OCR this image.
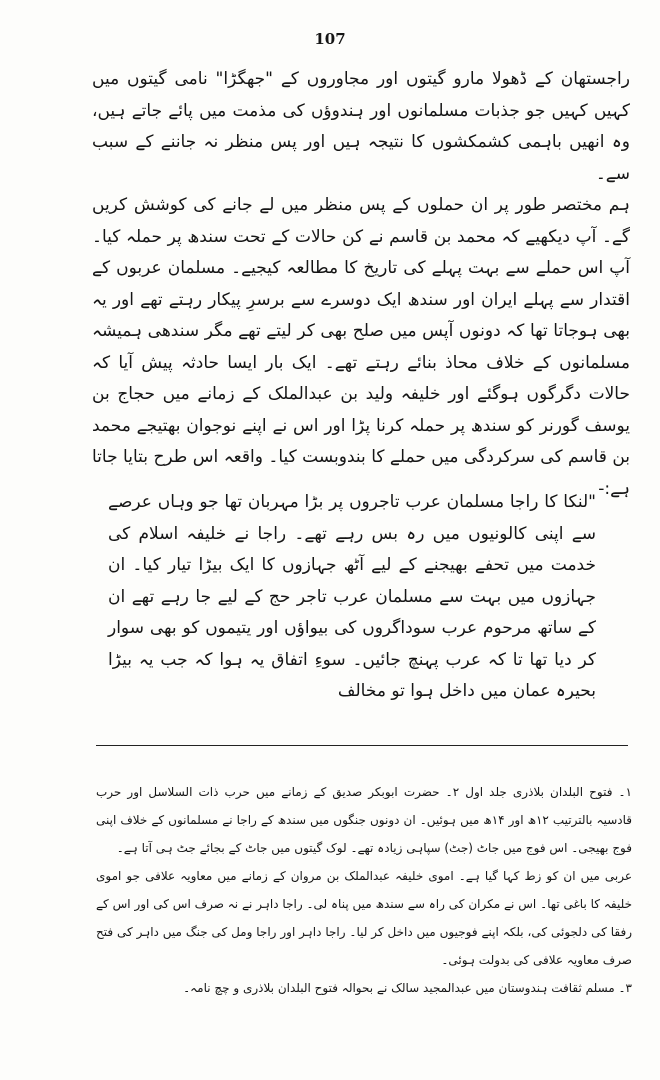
107

راجستھان کے ڈھولا مارو گیتوں اور مجاوروں کے "جھگڑا" نامی گیتوں میں کہیں کہیں جو جذبات مسلمانوں اور ہندوؤں کی مذمت میں پائے جاتے ہیں، وہ انھیں باہمی کشمکشوں کا نتیجہ ہیں اور پس منظر نہ جاننے کے سبب سے۔

ہم مختصر طور پر ان حملوں کے پس منظر میں لے جانے کی کوشش کریں گے۔ آپ دیکھیے کہ محمد بن قاسم نے کن حالات کے تحت سندھ پر حملہ کیا۔ آپ اس حملے سے بہت پہلے کی تاریخ کا مطالعہ کیجیے۔ مسلمان عربوں کے اقتدار سے پہلے ایران اور سندھ ایک دوسرے سے برسرِ پیکار رہتے تھے اور یہ بھی ہوجاتا تھا کہ دونوں آپس میں صلح بھی کر لیتے تھے مگر سندھی ہمیشہ مسلمانوں کے خلاف محاذ بنائے رہتے تھے۔ ایک بار ایسا حادثہ پیش آیا کہ حالات دگرگوں ہوگئے اور خلیفہ ولید بن عبدالملک کے زمانے میں حجاج بن یوسف گورنر کو سندھ پر حملہ کرنا پڑا اور اس نے اپنے نوجوان بھتیجے محمد بن قاسم کی سرکردگی میں حملے کا بندوبست کیا۔ واقعہ اس طرح بتایا جاتا ہے:-

"لنکا کا راجا مسلمان عرب تاجروں پر بڑا مہربان تھا جو وہاں عرصے سے اپنی کالونیوں میں رہ بس رہے تھے۔ راجا نے خلیفہ اسلام کی خدمت میں تحفے بھیجنے کے لیے آٹھ جہازوں کا ایک بیڑا تیار کیا۔ ان جہازوں میں بہت سے مسلمان عرب تاجر حج کے لیے جا رہے تھے ان کے ساتھ مرحوم عرب سوداگروں کی بیواؤں اور یتیموں کو بھی سوار کر دیا تھا تا کہ عرب پہنچ جائیں۔ سوءِ اتفاق یہ ہوا کہ جب یہ بیڑا بحیرہ عمان میں داخل ہوا تو مخالف

۱۔ فتوح البلدان بلاذری جلد اول ۲۔ حضرت ابوبکر صدیق کے زمانے میں حرب ذات السلاسل اور حرب قادسیہ بالترتیب ۱۲ھ اور ۱۴ھ میں ہوئیں۔ ان دونوں جنگوں میں سندھ کے راجا نے مسلمانوں کے خلاف اپنی فوج بھیجی۔ اس فوج میں جاٹ (جٹ) سپاہی زیادہ تھے۔ لوک گیتوں میں جاٹ کے بجائے جٹ ہی آتا ہے۔

عربی میں ان کو زط کہا گیا ہے۔ اموی خلیفہ عبدالملک بن مروان کے زمانے میں معاویہ علافی جو اموی خلیفہ کا باغی تھا۔ اس نے مکران کی راہ سے سندھ میں پناہ لی۔ راجا داہر نے نہ صرف اس کی اور اس کے رفقا کی دلجوئی کی، بلکہ اپنے فوجیوں میں داخل کر لیا۔ راجا داہر اور راجا ومل کی جنگ میں داہر کی فتح صرف معاویہ علافی کی بدولت ہوئی۔

۳۔ مسلم ثقافت ہندوستان میں عبدالمجید سالک نے بحوالہ فتوح البلدان بلاذری و چچ نامہ۔
